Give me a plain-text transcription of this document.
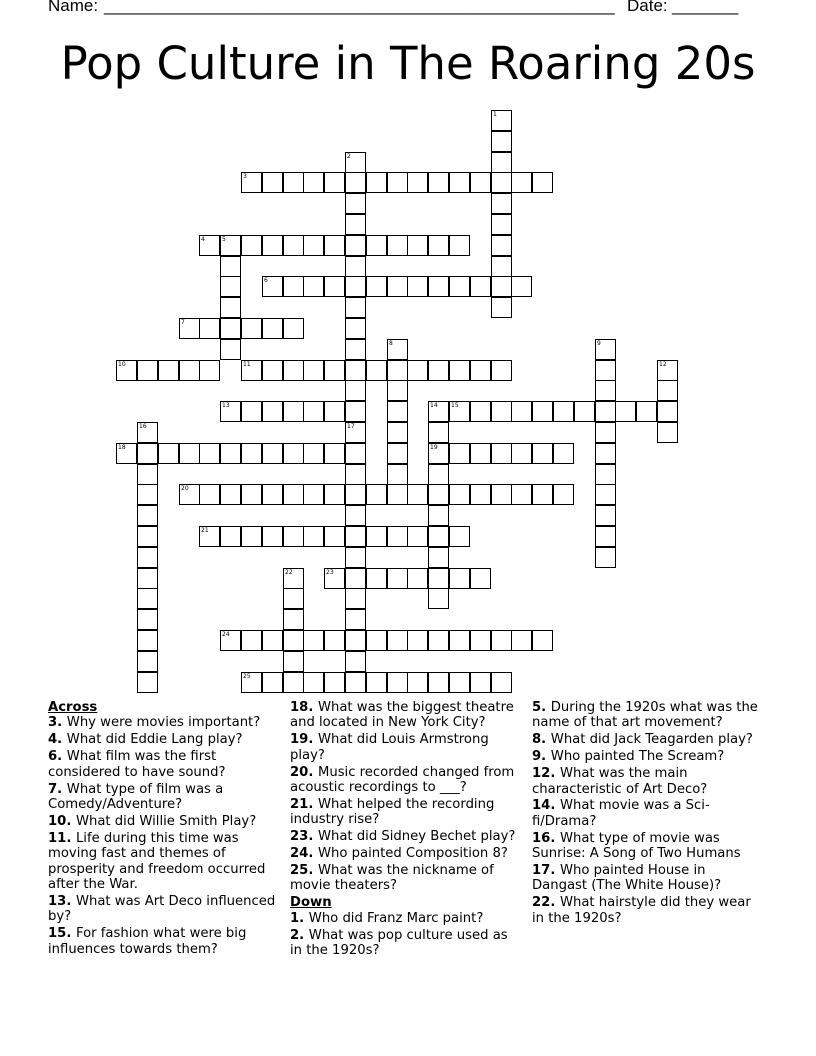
Name: ______________________________________________________ Date: _______
Pop Culture in The Roaring 20s
1
2
3
4	5
6
7
8	9
10	11	12
13	14
19
15
16	17
18
20
21
22	23
24
25
Across
3. Why were movies important?
4. What did Eddie Lang play?
6. What film was the first considered to have sound?
7. What type of film was a Comedy/Adventure?
10. What did Willie Smith Play?
11. Life during this time was moving fast and themes of prosperity and freedom occurred after the War.
13. What was Art Deco influenced by?
15. For fashion what were big influences towards them?
18. What was the biggest theatre and located in New York City?
19. What did Louis Armstrong play?
20. Music recorded changed from acoustic recordings to ___?
21. What helped the recording industry rise?
23. What did Sidney Bechet play?
24. Who painted Composition 8?
25. What was the nickname of movie theaters?
Down
1. Who did Franz Marc paint?
2. What was pop culture used as in the 1920s?
5. During the 1920s what was the name of that art movement?
8. What did Jack Teagarden play?
9. Who painted The Scream?
12. What was the main characteristic of Art Deco?
14. What movie was a Sci-fi/Drama?
16. What type of movie was Sunrise: A Song of Two Humans
17. Who painted House in Dangast (The White House)?
22. What hairstyle did they wear in the 1920s?
